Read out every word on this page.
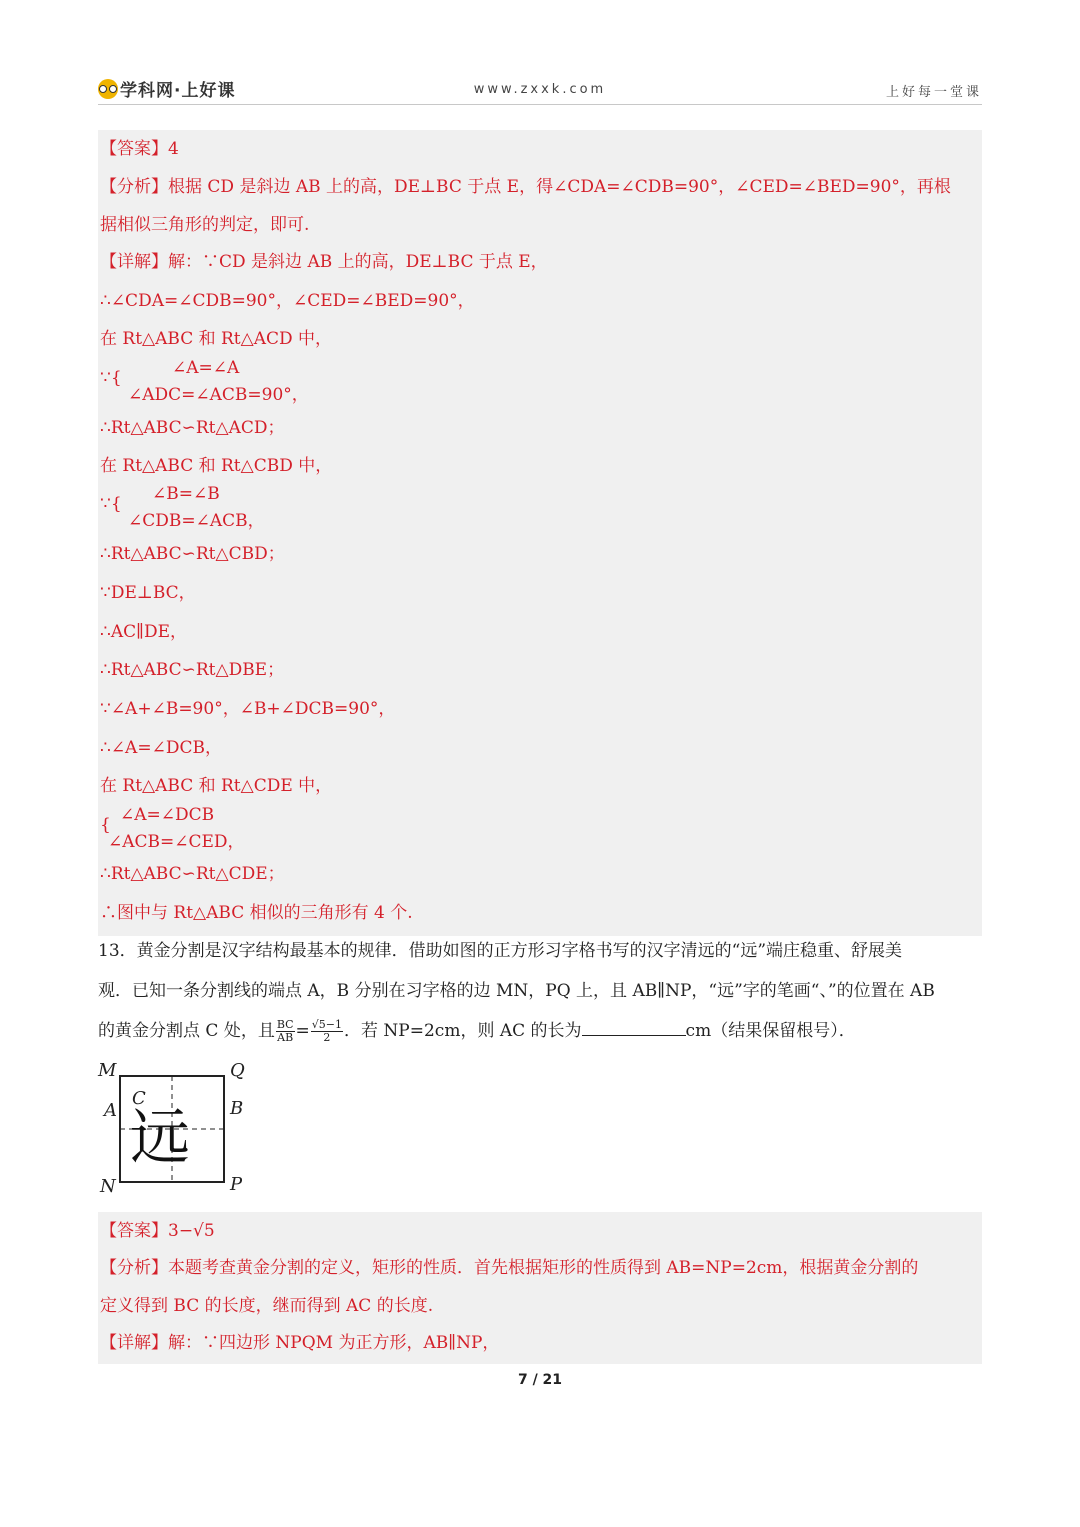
学科网·上好课	www.zxxk.com	上好每一堂课
【答案】4
【分析】根据 CD 是斜边 AB 上的高，DE⊥BC 于点 E，得∠CDA=∠CDB=90°，∠CED=∠BED=90°，再根
据相似三角形的判定，即可.
【详解】解：∵CD 是斜边 AB 上的高，DE⊥BC 于点 E，
∴∠CDA=∠CDB=90°，∠CED=∠BED=90°，
在 Rt△ABC 和 Rt△ACD 中，
∵{	∠A=∠A
∠ADC=∠ACB=90°，
∴Rt△ABC∽Rt△ACD；
在 Rt△ABC 和 Rt△CBD 中，
∵{ ∠B=∠B
∠CDB=∠ACB，
∴Rt△ABC∽Rt△CBD；
∵DE⊥BC，
∴AC∥DE，
∴Rt△ABC∽Rt△DBE；
∵∠A+∠B=90°，∠B+∠DCB=90°，
∴∠A=∠DCB，
在 Rt△ABC 和 Rt△CDE 中，
{ ∠A=∠DCB
∠ACB=∠CED，
∴Rt△ABC∽Rt△CDE；
∴图中与 Rt△ABC 相似的三角形有 4 个.
13．黄金分割是汉字结构最基本的规律．借助如图的正方形习字格书写的汉字清远的“远”端庄稳重、舒展美
观．已知一条分割线的端点 A，B 分别在习字格的边 MN，PQ 上，且 AB∥NP，“远”字的笔画“、”的位置在 AB
的黄金分割点 C 处，且 $\frac{BC}{AB} = \frac{√5-1}{2}$ ．若 NP=2cm，则 AC 的长为	cm（结果保留根号）．
远
M	Q
A	B
C
N	P
【答案】3−√5
【分析】本题考查黄金分割的定义，矩形的性质．首先根据矩形的性质得到 AB=NP=2cm，根据黄金分割的
定义得到 BC 的长度，继而得到 AC 的长度.
【详解】解：∵四边形 NPQM 为正方形，AB∥NP，
7 / 21
